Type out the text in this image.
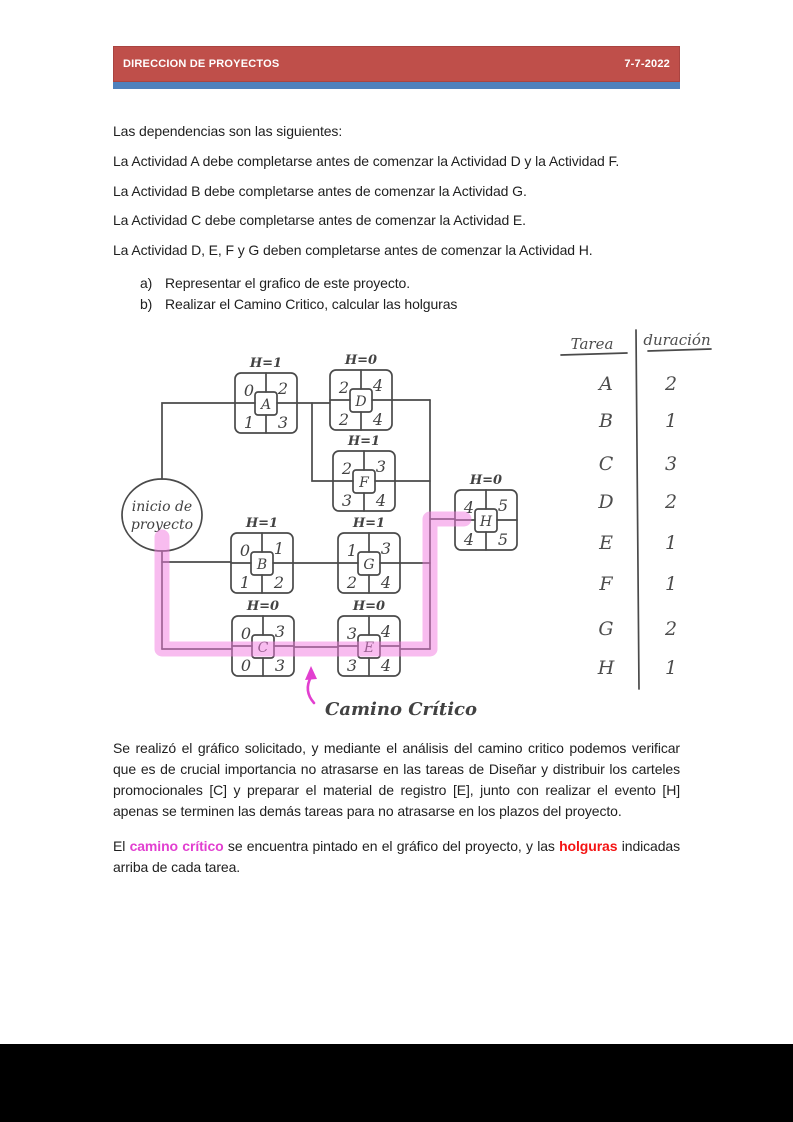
DIRECCION DE PROYECTOS	7-7-2022

Las dependencias son las siguientes:

La Actividad A debe completarse antes de comenzar la Actividad D y la Actividad F.

La Actividad B debe completarse antes de comenzar la Actividad G.

La Actividad C debe completarse antes de comenzar la Actividad E.

La Actividad D, E, F y G deben completarse antes de comenzar la Actividad H.

a) Representar el grafico de este proyecto.
b) Realizar el Camino Critico, calcular las holguras
inicio de
proyecto
A
0 2
1 3
H=1
D
2 4
2 4
H=0
F
2 3
3 4
H=1
H
4 5
4 5
H=0
B
0 1
1 2
H=1
G
1 3
2 4
H=1
C
0 3
0 3
H=0
E
3 4
3 4
H=0
Camino Crítico
Tarea duración
A	2
B	1
C	3
D	2
E	1
F	1
G	2
H	1

Se realizó el gráfico solicitado, y mediante el análisis del camino critico podemos verificar que es de crucial importancia no atrasarse en las tareas de Diseñar y distribuir los carteles promocionales [C] y preparar el material de registro [E], junto con realizar el evento [H] apenas se terminen las demás tareas para no atrasarse en los plazos del proyecto.

El camino crítico se encuentra pintado en el gráfico del proyecto, y las holguras indicadas arriba de cada tarea.
